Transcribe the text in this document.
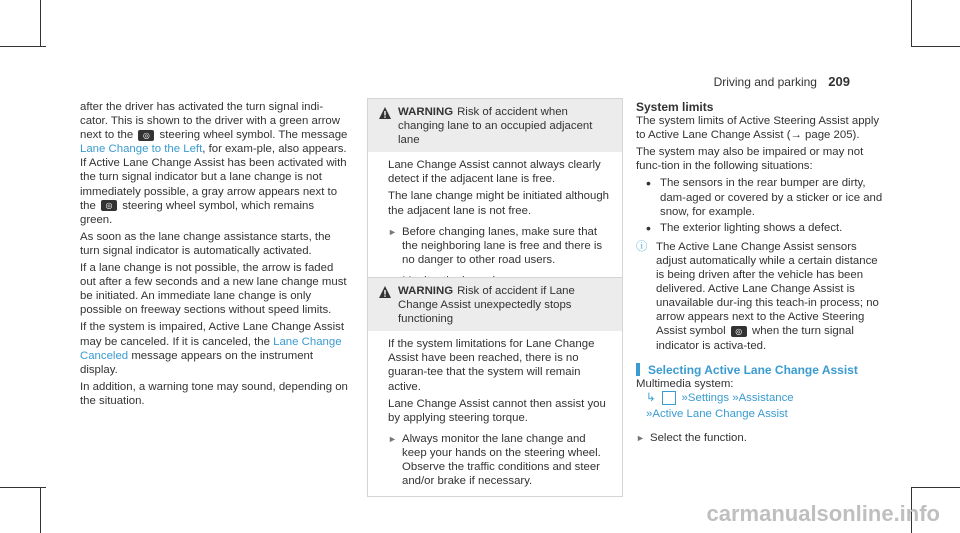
Driving and parking 209

after the driver has activated the turn signal indi-cator. This is shown to the driver with a green arrow next to the ◎ steering wheel symbol. The message Lane Change to the Left, for exam-ple, also appears. If Active Lane Change Assist has been activated with the turn signal indicator but a lane change is not immediately possible, a gray arrow appears next to the ◎ steering wheel symbol, which remains green.

As soon as the lane change assistance starts, the turn signal indicator is automatically activated.

If a lane change is not possible, the arrow is faded out after a few seconds and a new lane change must be initiated. An immediate lane change is only possible on freeway sections without speed limits.

If the system is impaired, Active Lane Change Assist may be canceled. If it is canceled, the Lane Change Canceled message appears on the instrument display.

In addition, a warning tone may sound, depending on the situation.

WARNING Risk of accident when changing lane to an occupied adjacent lane

Lane Change Assist cannot always clearly detect if the adjacent lane is free.

The lane change might be initiated although the adjacent lane is not free.

► Before changing lanes, make sure that the neighboring lane is free and there is no danger to other road users.
WARNING Risk of accident if Lane Change Assist unexpectedly stops functioning

If the system limitations for Lane Change Assist have been reached, there is no guaran-tee that the system will remain active.

Lane Change Assist cannot then assist you by applying steering torque.

► Always monitor the lane change and keep your hands on the steering wheel. Observe the traffic conditions and steer and/or brake if necessary.
System limits

The system limits of Active Steering Assist apply to Active Lane Change Assist (→ page 205).

The system may also be impaired or may not func-tion in the following situations:

• The sensors in the rear bumper are dirty, dam-aged or covered by a sticker or ice and snow, for example.
• The exterior lighting shows a defect.
ⓘ The Active Lane Change Assist sensors adjust automatically while a certain distance is being driven after the vehicle has been delivered. Active Lane Change Assist is unavailable dur-ing this teach-in process; no arrow appears next to the Active Steering Assist symbol ◎ when the turn signal indicator is activa-ted.
Selecting Active Lane Change Assist
Multimedia system:
↳ » Settings » Assistance
» Active Lane Change Assist
► Select the function.
carmanualsonline.info
